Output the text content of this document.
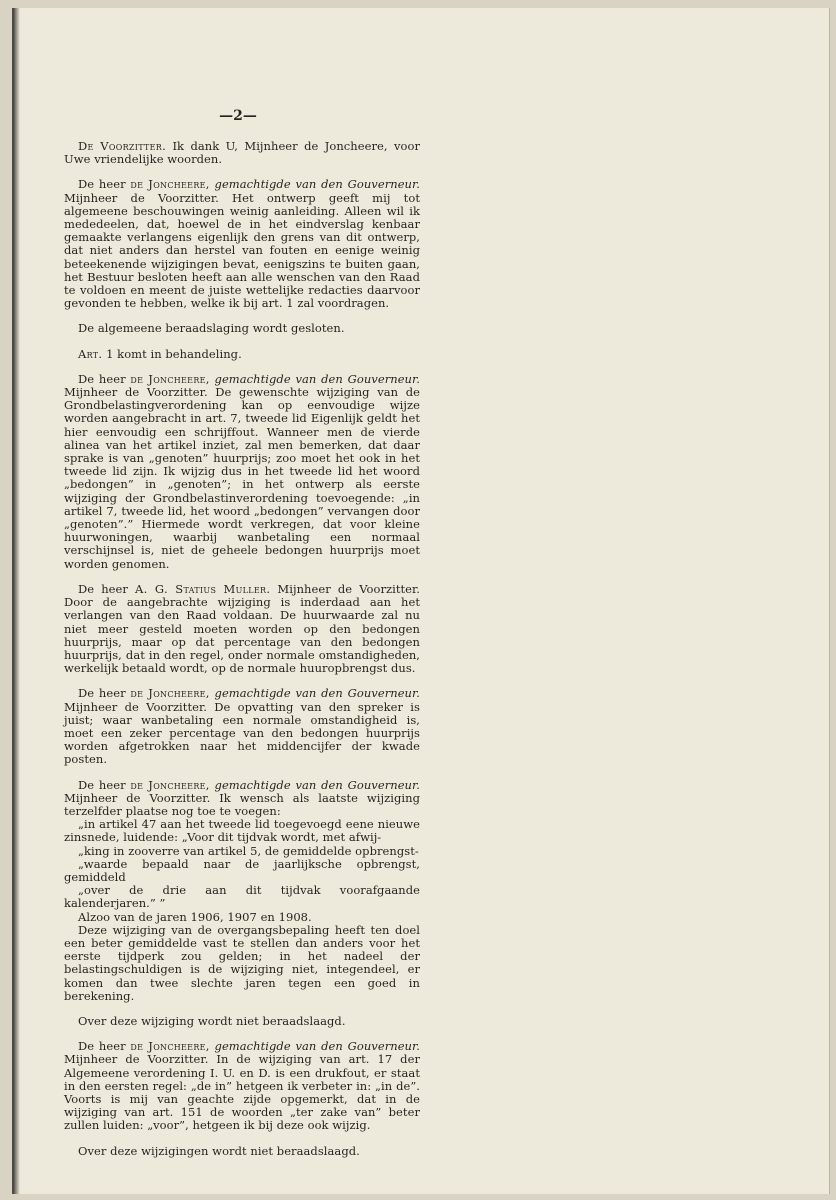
—2—

De Voorzitter. Ik dank U, Mijnheer de Joncheere, voor Uwe vriendelijke woorden.

De heer de Joncheere, gemachtigde van den Gouverneur. Mijnheer de Voorzitter. Het ontwerp geeft mij tot algemeene beschouwingen weinig aanleiding. Alleen wil ik mededeelen, dat, hoewel de in het eindverslag kenbaar gemaakte verlangens eigenlijk den grens van dit ontwerp, dat niet anders dan herstel van fouten en eenige weinig beteekenende wijzigingen bevat, eenigszins te buiten gaan, het Bestuur besloten heeft aan alle wenschen van den Raad te voldoen en meent de juiste wettelijke redacties daarvoor gevonden te hebben, welke ik bij art. 1 zal voordragen.

De algemeene beraadslaging wordt gesloten.

Art. 1 komt in behandeling.

De heer de Joncheere, gemachtigde van den Gouverneur. Mijnheer de Voorzitter. De gewenschte wijziging van de Grondbelastingverordening kan op eenvoudige wijze worden aangebracht in art. 7, tweede lid Eigenlijk geldt het hier eenvoudig een schrijffout. Wanneer men de vierde alinea van het artikel inziet, zal men bemerken, dat daar sprake is van „genoten” huurprijs; zoo moet het ook in het tweede lid zijn. Ik wijzig dus in het tweede lid het woord „bedongen” in „genoten”; in het ontwerp als eerste wijziging der Grondbelastinverordening toevoegende: „in artikel 7, tweede lid, het woord „bedongen” vervangen door „genoten”.” Hiermede wordt verkregen, dat voor kleine huurwoningen, waarbij wanbetaling een normaal verschijnsel is, niet de geheele bedongen huurprijs moet worden genomen.

De heer A. G. Statius Muller. Mijnheer de Voorzitter. Door de aangebrachte wijziging is inderdaad aan het verlangen van den Raad voldaan. De huurwaarde zal nu niet meer gesteld moeten worden op den bedongen huurprijs, maar op dat percentage van den bedongen huurprijs, dat in den regel, onder normale omstandigheden, werkelijk betaald wordt, op de normale huuropbrengst dus.

De heer de Joncheere, gemachtigde van den Gouverneur. Mijnheer de Voorzitter. De opvatting van den spreker is juist; waar wanbetaling een normale omstandigheid is, moet een zeker percentage van den bedongen huurprijs worden afgetrokken naar het middencijfer der kwade posten.

De heer de Joncheere, gemachtigde van den Gouverneur. Mijnheer de Voorzitter. Ik wensch als laatste wijziging terzelfder plaatse nog toe te voegen:

„in artikel 47 aan het tweede lid toegevoegd eene nieuwe zinsnede, luidende: „Voor dit tijdvak wordt, met afwij-

„king in zooverre van artikel 5, de gemiddelde opbrengst-

„waarde bepaald naar de jaarlijksche opbrengst, gemiddeld

„over de drie aan dit tijdvak voorafgaande kalenderjaren.” ”

Alzoo van de jaren 1906, 1907 en 1908.

Deze wijziging van de overgangsbepaling heeft ten doel een beter gemiddelde vast te stellen dan anders voor het eerste tijdperk zou gelden; in het nadeel der belastingschuldigen is de wijziging niet, integendeel, er komen dan twee slechte jaren tegen een goed in berekening.

Over deze wijziging wordt niet beraadslaagd.

De heer de Joncheere, gemachtigde van den Gouverneur. Mijnheer de Voorzitter. In de wijziging van art. 17 der Algemeene verordening I. U. en D. is een drukfout, er staat in den eersten regel: „de in” hetgeen ik verbeter in: „in de”. Voorts is mij van geachte zijde opgemerkt, dat in de wijziging van art. 151 de woorden „ter zake van” beter zullen luiden: „voor”, hetgeen ik bij deze ook wijzig.

Over deze wijzigingen wordt niet beraadslaagd.
